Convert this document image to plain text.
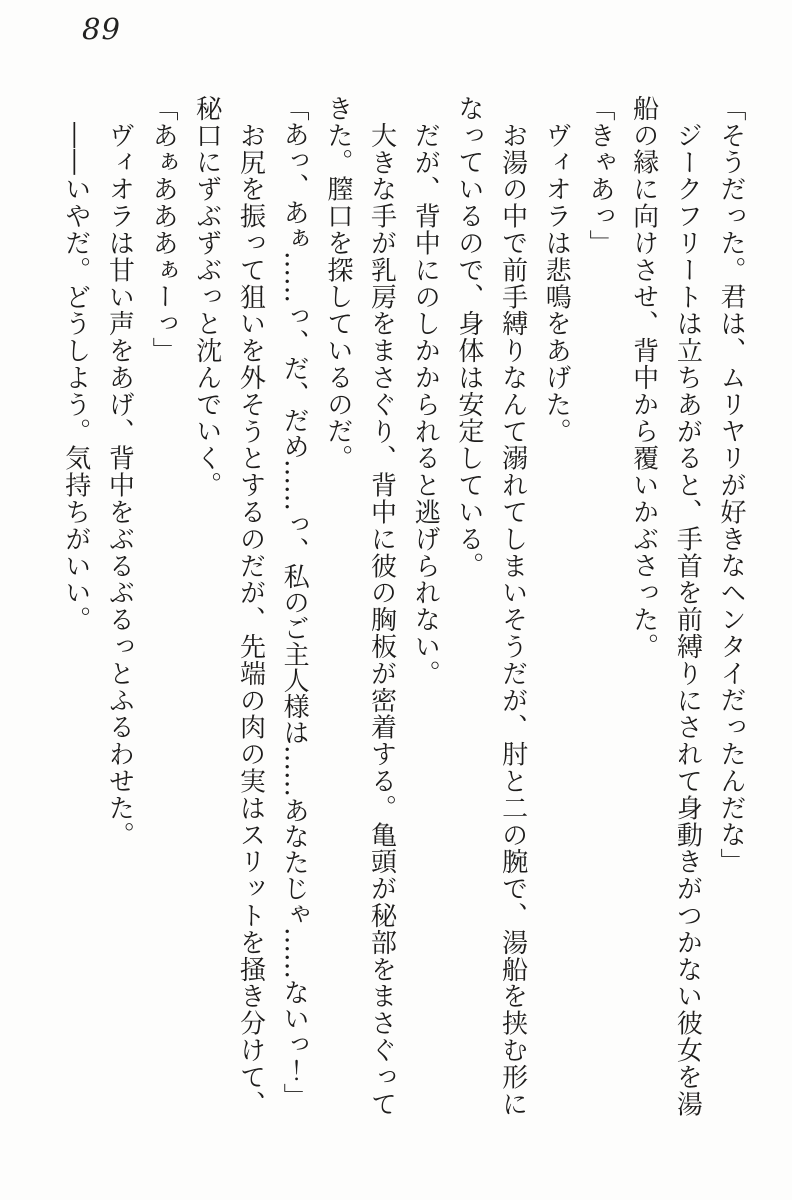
89
「そうだった。君は、ムリヤリが好きなヘンタイだったんだな」
ジークフリートは立ちあがると、手首を前縛りにされて身動きがつかない彼女を湯
船の縁に向けさせ、背中から覆いかぶさった。
「きゃあっ」
ヴィオラは悲鳴をあげた。
お湯の中で前手縛りなんて溺れてしまいそうだが、肘と二の腕で、湯船を挟む形に
なっているので、身体は安定している。
だが、背中にのしかかられると逃げられない。
大きな手が乳房をまさぐり、背中に彼の胸板が密着する。亀頭が秘部をまさぐって
きた。膣口を探しているのだ。
「あっ、あぁ……っ、だ、だめ……っ、私のご主人様は……あなたじゃ……ないっ！」
お尻を振って狙いを外そうとするのだが、先端の肉の実はスリットを掻き分けて、
秘口にずぶずぶっと沈んでいく。
「あぁあああぁーっ」
ヴィオラは甘い声をあげ、背中をぶるぶるっとふるわせた。
――いやだ。どうしよう。気持ちがいい。
